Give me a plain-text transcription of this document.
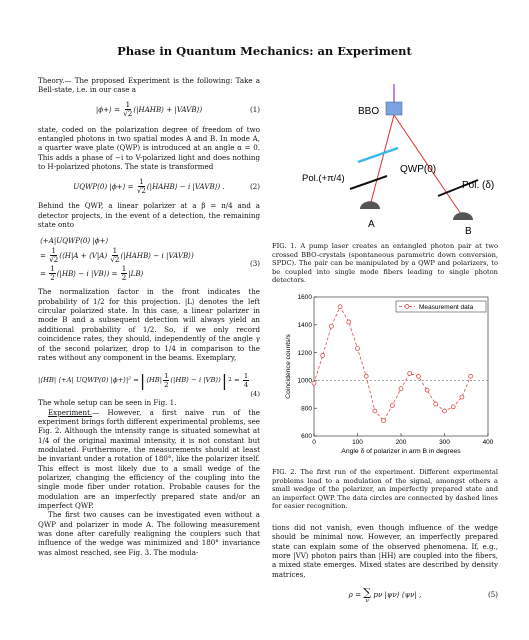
Phase in Quantum Mechanics: an Experiment

Theory.— The proposed Experiment is the following: Take a Bell-state, i.e. in our case a

|ϕ+⟩ =
$\frac{1}{√2}$ (|HAHB⟩ + |VAVB⟩)	(1)

state, coded on the polarization degree of freedom of two entangled photons in two spatial modes A and B. In mode A, a quarter wave plate (QWP) is introduced at an angle α = 0. This adds a phase of −i to V-polarized light and does nothing to H-polarized photons. The state is transformed

UQWP(0) |ϕ+⟩ =
$\frac{1}{√2}$ (|HAHB⟩ − i |VAVB⟩) .	(2)

Behind the QWP, a linear polarizer at a β = π/4 and a detector projects, in the event of a detection, the remaining state onto

⟨+A|UQWP(0) |ϕ+⟩
=
$\frac{1}{√2}$ (⟨H|A + ⟨V|A)
$\frac{1}{√2}$ (|HAHB⟩ − i |VAVB⟩)
=
$\frac{1}{2}$ (|HB⟩ − i |VB⟩) =
$\frac{1}{2}$ |LB⟩
(3)

The normalization factor in the front indicates the probability of 1/2 for this projection. |L⟩ denotes the left circular polarized state. In this case, a linear polarizer in mode B and a subsequent detection will always yield an additional probability of 1/2. So, if we only record coincidence rates, they should, independently of the angle γ of the second polarizer, drop to 1/4 in comparison to the rates without any component in the beams. Exemplary,

|⟨HB| ⟨+A| UQWP(0) |ϕ+⟩|² = | ⟨HB| $\frac{1}{2}$ (|HB⟩ − i |VB⟩) | 2
=
$\frac{1}{4}$
(4)

The whole setup can be seen in Fig. 1.

Experiment.— However, a first naive run of the experiment brings forth different experimental problems, see Fig. 2. Although the intensity range is situated somewhat at 1/4 of the original maximal intensity, it is not constant but modulated. Furthermore, the measurements should at least be invariant under a rotation of 180°, like the polarizer itself. This effect is most likely due to a small wedge of the polarizer, changing the efficiency of the coupling into the single mode fiber under rotation. Probable causes for the modulation are an imperfectly prepared state and/or an imperfect QWP.

The first two causes can be investigated even without a QWP and polarizer in mode A. The following measurement was done after carefully realigning the couplers such that influence of the wedge was minimized and 180° invariance was almost reached, see Fig. 3. The modula-

BBO
QWP(0)
Pol.(+π/4)
Pol. (δ)
A
B

FIG. 1. A pump laser creates an entangled photon pair at two crossed BBO-crystals (spontaneous parametric down conversion, SPDC). The pair can be manipulated by a QWP and polarizers, to be coupled into single mode fibers leading to single photon detectors.

0	100	200	300	400
600
800
1000
1200
1400
1600
Angle δ of polarizer in arm B in degrees
Coincidence counts/s
Measurement data

FIG. 2. The first run of the experiment. Different experimental problems lead to a modulation of the signal, amongst others a small wedge of the polarizer, an imperfectly prepared state and an imperfect QWP. The data circles are connected by dashed lines for easier recognition.

tions did not vanish, even though influence of the wedge should be minimal now. However, an imperfectly prepared state can explain some of the observed phenomena. If, e.g., more |VV⟩ photon pairs than |HH⟩ are coupled into the fibers, a mixed state emerges. Mixed states are described by density matrices,

ρ =
∑
ν

pν |ψν⟩ ⟨ψν| ,	(5)
